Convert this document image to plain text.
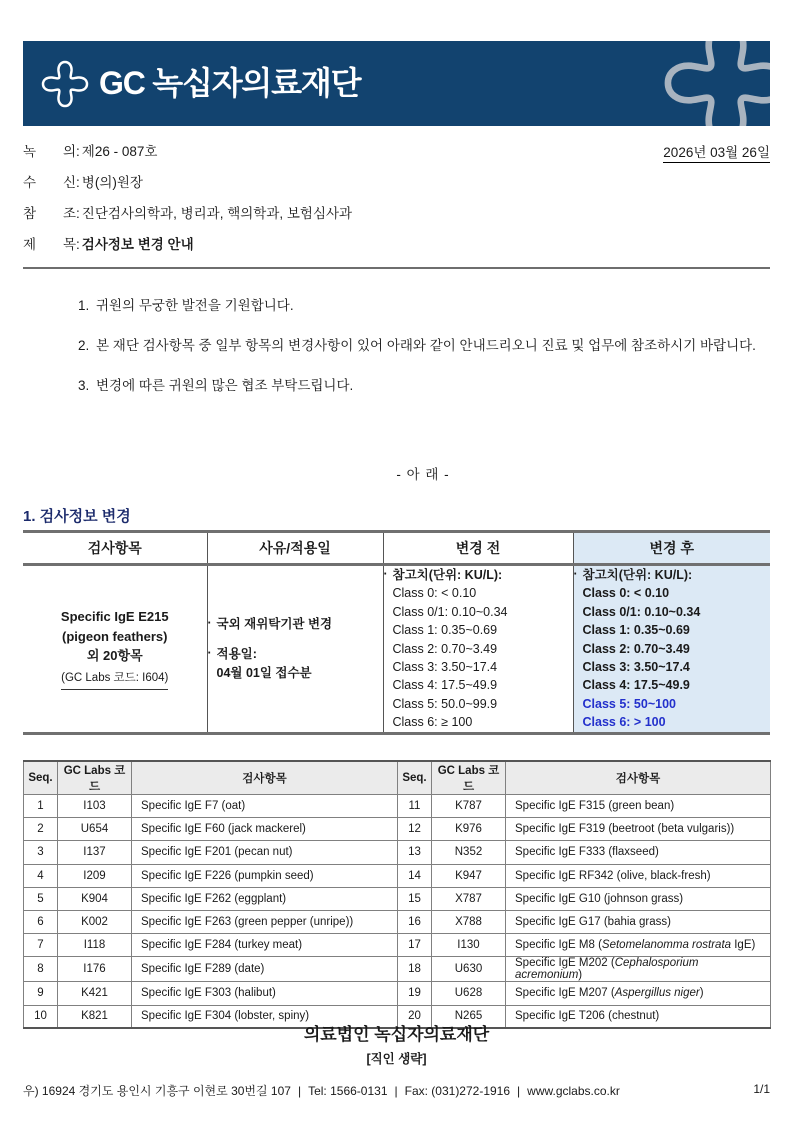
GC 녹십자의료재단
녹 의: 제26 - 087호	2026년 03월 26일
수 신: 병(의)원장
참 조: 진단검사의학과, 병리과, 핵의학과, 보험심사과
제 목: 검사정보 변경 안내
1. 귀원의 무궁한 발전을 기원합니다.
2. 본 재단 검사항목 중 일부 항목의 변경사항이 있어 아래와 같이 안내드리오니 진료 및 업무에 참조하시기 바랍니다.
3. 변경에 따른 귀원의 많은 협조 부탁드립니다.
- 아 래 -
1. 검사정보 변경
검사항목	사유/적용일	변경 전	변경 후

Specific IgE E215
(pigeon feathers)
외 20항목
(GC Labs 코드: I604)	
· 국외 재위탁기관 변경
· 적용일:
04월 01일 접수분

· 참고치(단위: KU/L):
Class 0: < 0.10
Class 0/1: 0.10~0.34
Class 1: 0.35~0.69
Class 2: 0.70~3.49
Class 3: 3.50~17.4
Class 4: 17.5~49.9
Class 5: 50.0~99.9
Class 6: ≥ 100

· 참고치(단위: KU/L):
Class 0: < 0.10
Class 0/1: 0.10~0.34
Class 1: 0.35~0.69
Class 2: 0.70~3.49
Class 3: 3.50~17.4
Class 4: 17.5~49.9
Class 5: 50~100
Class 6: > 100
Seq.	GC Labs 코드	검사항목	Seq.	GC Labs 코드	검사항목
1	I103	Specific IgE F7 (oat)	11	K787	Specific IgE F315 (green bean)
2	U654	Specific IgE F60 (jack mackerel)	12	K976	Specific IgE F319 (beetroot (beta vulgaris))
3	I137	Specific IgE F201 (pecan nut)	13	N352	Specific IgE F333 (flaxseed)
4	I209	Specific IgE F226 (pumpkin seed)	14	K947	Specific IgE RF342 (olive, black-fresh)
5	K904	Specific IgE F262 (eggplant)	15	X787	Specific IgE G10 (johnson grass)
6	K002	Specific IgE F263 (green pepper (unripe))	16	X788	Specific IgE G17 (bahia grass)
7	I118	Specific IgE F284 (turkey meat)	17	I130	Specific IgE M8 (Setomelanomma rostrata IgE)
8	I176	Specific IgE F289 (date)	18	U630	Specific IgE M202 (Cephalosporium acremonium)
9	K421	Specific IgE F303 (halibut)	19	U628	Specific IgE M207 (Aspergillus niger)
10	K821	Specific IgE F304 (lobster, spiny)	20	N265	Specific IgE T206 (chestnut)
의료법인 녹십자의료재단
[직인 생략]
우) 16924 경기도 용인시 기흥구 이현로 30번길 107 | Tel: 1566-0131 | Fax: (031)272-1916 | www.gclabs.co.kr	1/1
